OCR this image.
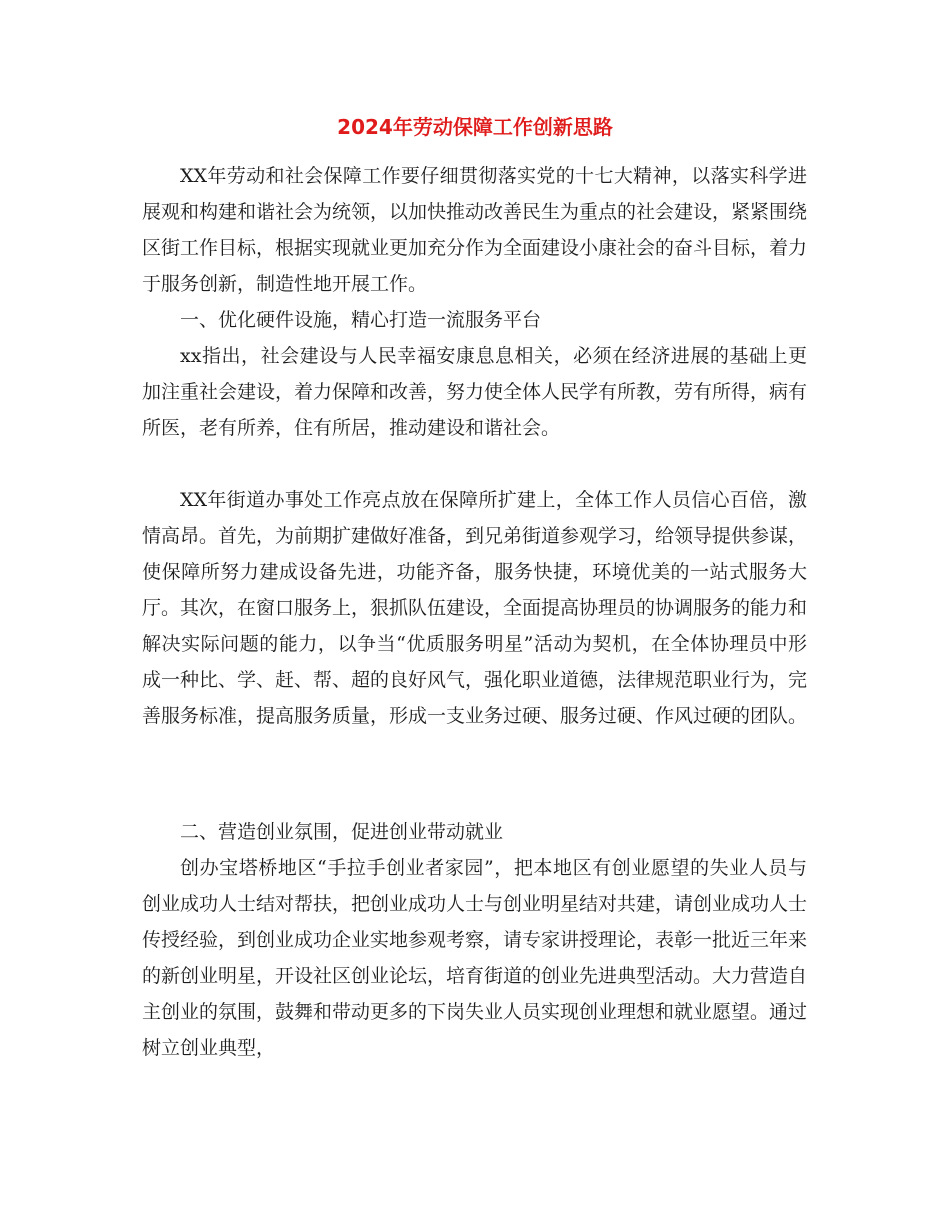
2024年劳动保障工作创新思路

XX年劳动和社会保障工作要仔细贯彻落实党的十七大精神，以落实科学进展观和构建和谐社会为统领，以加快推动改善民生为重点的社会建设，紧紧围绕区街工作目标，根据实现就业更加充分作为全面建设小康社会的奋斗目标，着力于服务创新，制造性地开展工作。

一、优化硬件设施，精心打造一流服务平台

xx指出，社会建设与人民幸福安康息息相关，必须在经济进展的基础上更加注重社会建设，着力保障和改善，努力使全体人民学有所教，劳有所得，病有所医，老有所养，住有所居，推动建设和谐社会。

XX年街道办事处工作亮点放在保障所扩建上，全体工作人员信心百倍，激情高昂。首先，为前期扩建做好准备，到兄弟街道参观学习，给领导提供参谋，使保障所努力建成设备先进，功能齐备，服务快捷，环境优美的一站式服务大厅。其次，在窗口服务上，狠抓队伍建设，全面提高协理员的协调服务的能力和解决实际问题的能力，以争当“优质服务明星”活动为契机，在全体协理员中形成一种比、学、赶、帮、超的良好风气，强化职业道德，法律规范职业行为，完善服务标准，提高服务质量，形成一支业务过硬、服务过硬、作风过硬的团队。

二、营造创业氛围，促进创业带动就业

创办宝塔桥地区“手拉手创业者家园”，把本地区有创业愿望的失业人员与创业成功人士结对帮扶，把创业成功人士与创业明星结对共建，请创业成功人士传授经验，到创业成功企业实地参观考察，请专家讲授理论，表彰一批近三年来的新创业明星，开设社区创业论坛，培育街道的创业先进典型活动。大力营造自主创业的氛围，鼓舞和带动更多的下岗失业人员实现创业理想和就业愿望。通过树立创业典型，
